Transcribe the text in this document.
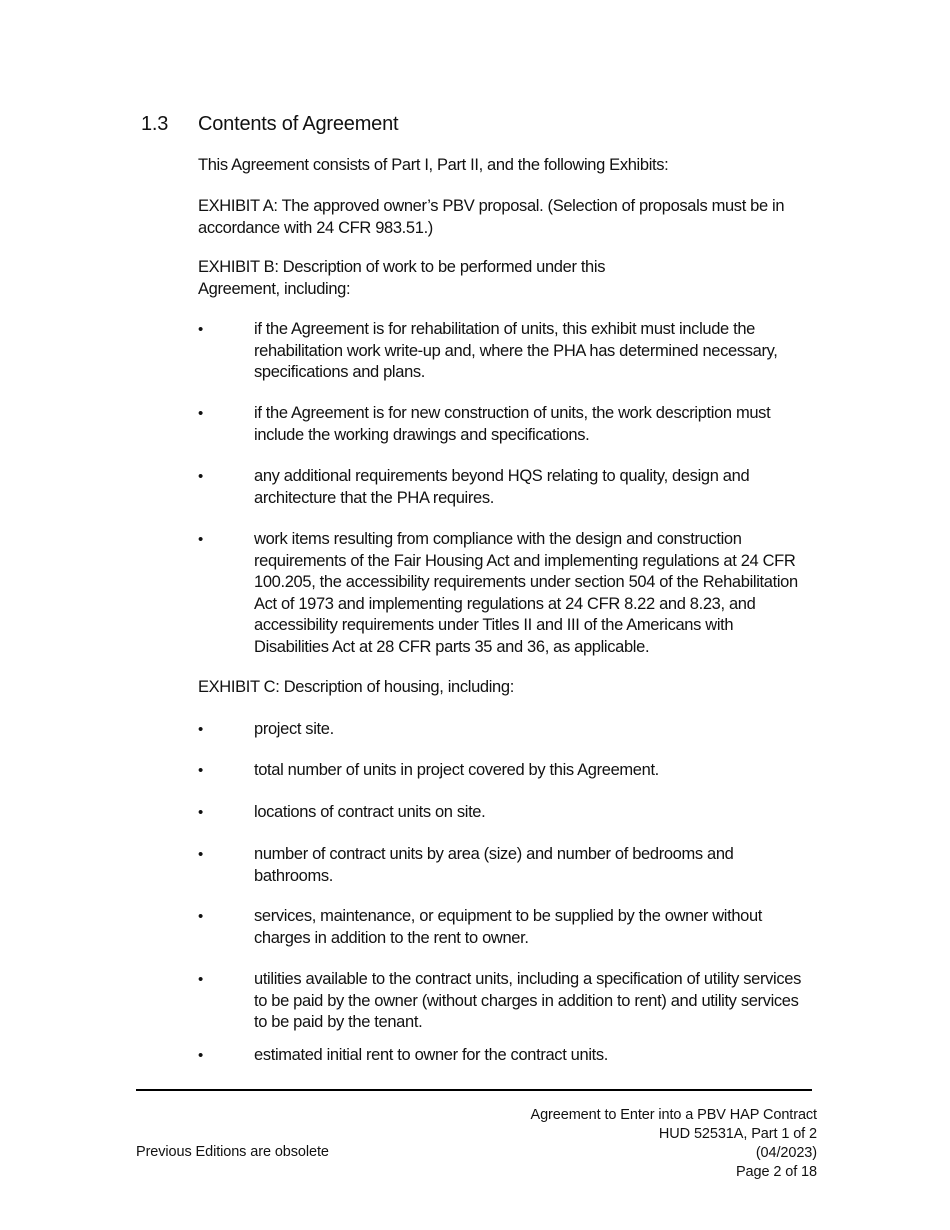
1.3 Contents of Agreement
This Agreement consists of Part I, Part II, and the following Exhibits:
EXHIBIT A: The approved owner’s PBV proposal. (Selection of proposals must be in accordance with 24 CFR 983.51.)
EXHIBIT B: Description of work to be performed under this
Agreement, including:
•	if the Agreement is for rehabilitation of units, this exhibit must include the rehabilitation work write-up and, where the PHA has determined necessary, specifications and plans.
•	if the Agreement is for new construction of units, the work description must include the working drawings and specifications.
•	any additional requirements beyond HQS relating to quality, design and architecture that the PHA requires.
•	work items resulting from compliance with the design and construction requirements of the Fair Housing Act and implementing regulations at 24 CFR 100.205, the accessibility requirements under section 504 of the Rehabilitation Act of 1973 and implementing regulations at 24 CFR 8.22 and 8.23, and accessibility requirements under Titles II and III of the Americans with Disabilities Act at 28 CFR parts 35 and 36, as applicable.
EXHIBIT C: Description of housing, including:
•	project site.
•	total number of units in project covered by this Agreement.
•	locations of contract units on site.
•	number of contract units by area (size) and number of bedrooms and bathrooms.
•	services, maintenance, or equipment to be supplied by the owner without charges in addition to the rent to owner.
•	utilities available to the contract units, including a specification of utility services to be paid by the owner (without charges in addition to rent) and utility services to be paid by the tenant.
•	estimated initial rent to owner for the contract units.
Previous Editions are obsolete
Agreement to Enter into a PBV HAP Contract
HUD 52531A, Part 1 of 2
(04/2023)
Page 2 of 18
